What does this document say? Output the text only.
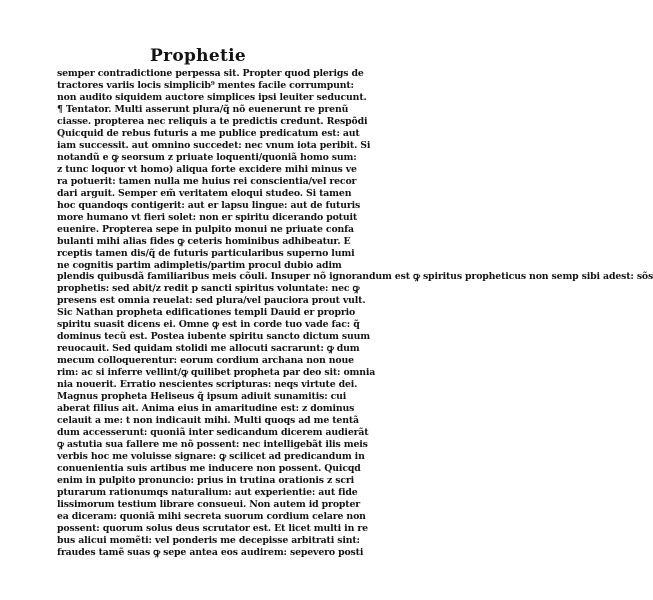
Prophetie
semper contradictione perpessa sit. Propter quod plerigs de
tractores variis locis simplicib⁹ mentes facile corrumpunt:
non audito siquidem auctore simplices ipsi leuiter seducunt.
¶ Tentator. Multi asserunt plura/q̃ nõ euenerunt re prenũ
ciasse. propterea nec reliquis a te predictis credunt. Respõdi
Quicquid de rebus futuris a me publice predicatum est: aut
iam successit. aut omnino succedet: nec vnum iota peribit. Si
notandũ e ꝙ seorsum z priuate loquenti/quoniã homo sum:
z tunc loquor vt homo) aliqua forte excidere mihi minus ve
ra potuerit: tamen nulla me huius rei conscientia/vel recor
dari arguit. Semper em̃ veritatem eloqui studeo. Si tamen
hoc quandoqs contigerit: aut er lapsu lingue: aut de futuris
more humano vt fieri solet: non er spiritu dicerando potuit
euenire. Propterea sepe in pulpito monui ne priuate confa
bulanti mihi alias fides ꝙ ceteris hominibus adhibeatur. E
rceptis tamen dis/q̃ de futuris particularibus superno lumi
ne cognitis partim adimpletis/partim procul dubio adim
plendis quibusdã familiaribus meis cõuli. Insuper nõ ignorandum est ꝙ spiritus propheticus non semp sibi adest: sõs
prophetis: sed abit/z redit p sancti spiritus voluntate: nec ꝙ
presens est omnia reuelat: sed plura/vel pauciora prout vult.
Sic Nathan propheta edificationes templi Dauid er proprio
spiritu suasit dicens ei. Omne ꝙ est in corde tuo vade fac: q̃
dominus tecũ est. Postea iubente spiritu sancto dictum suum
reuocauit. Sed quidam stolidi me allocuti sacrarunt: ꝙ dum
mecum colloquerentur: eorum cordium archana non noue
rim: ac si inferre vellint/ꝙ quilibet propheta par deo sit: omnia
nia nouerit. Erratio nescientes scripturas: neqs virtute dei.
Magnus propheta Heliseus q̃ ipsum adiuit sunamitis: cui
aberat filius ait. Anima eius in amaritudine est: z dominus
celauit a me: t non indicauit mihi. Multi quoqs ad me tentã
dum accesserunt: quoniã inter sedicandum dicerem audierãt
ꝙ astutia sua fallere me nõ possent: nec intelligebãt ilis meis
verbis hoc me voluisse signare: ꝙ scilicet ad predicandum in
conuenientia suis artibus me inducere non possent. Quicqd
enim in pulpito pronuncio: prius in trutina orationis z scri
pturarum rationumqs naturalium: aut experientie: aut fide
lissimorum testium librare consueui. Non autem id propter
ea diceram: quoniã mihi secreta suorum cordium celare non
possent: quorum solus deus scrutator est. Et licet multi in re
bus alicui momẽti: vel ponderis me decepisse arbitrati sint:
fraudes tamẽ suas ꝙ sepe antea eos audirem: sepevero posti
